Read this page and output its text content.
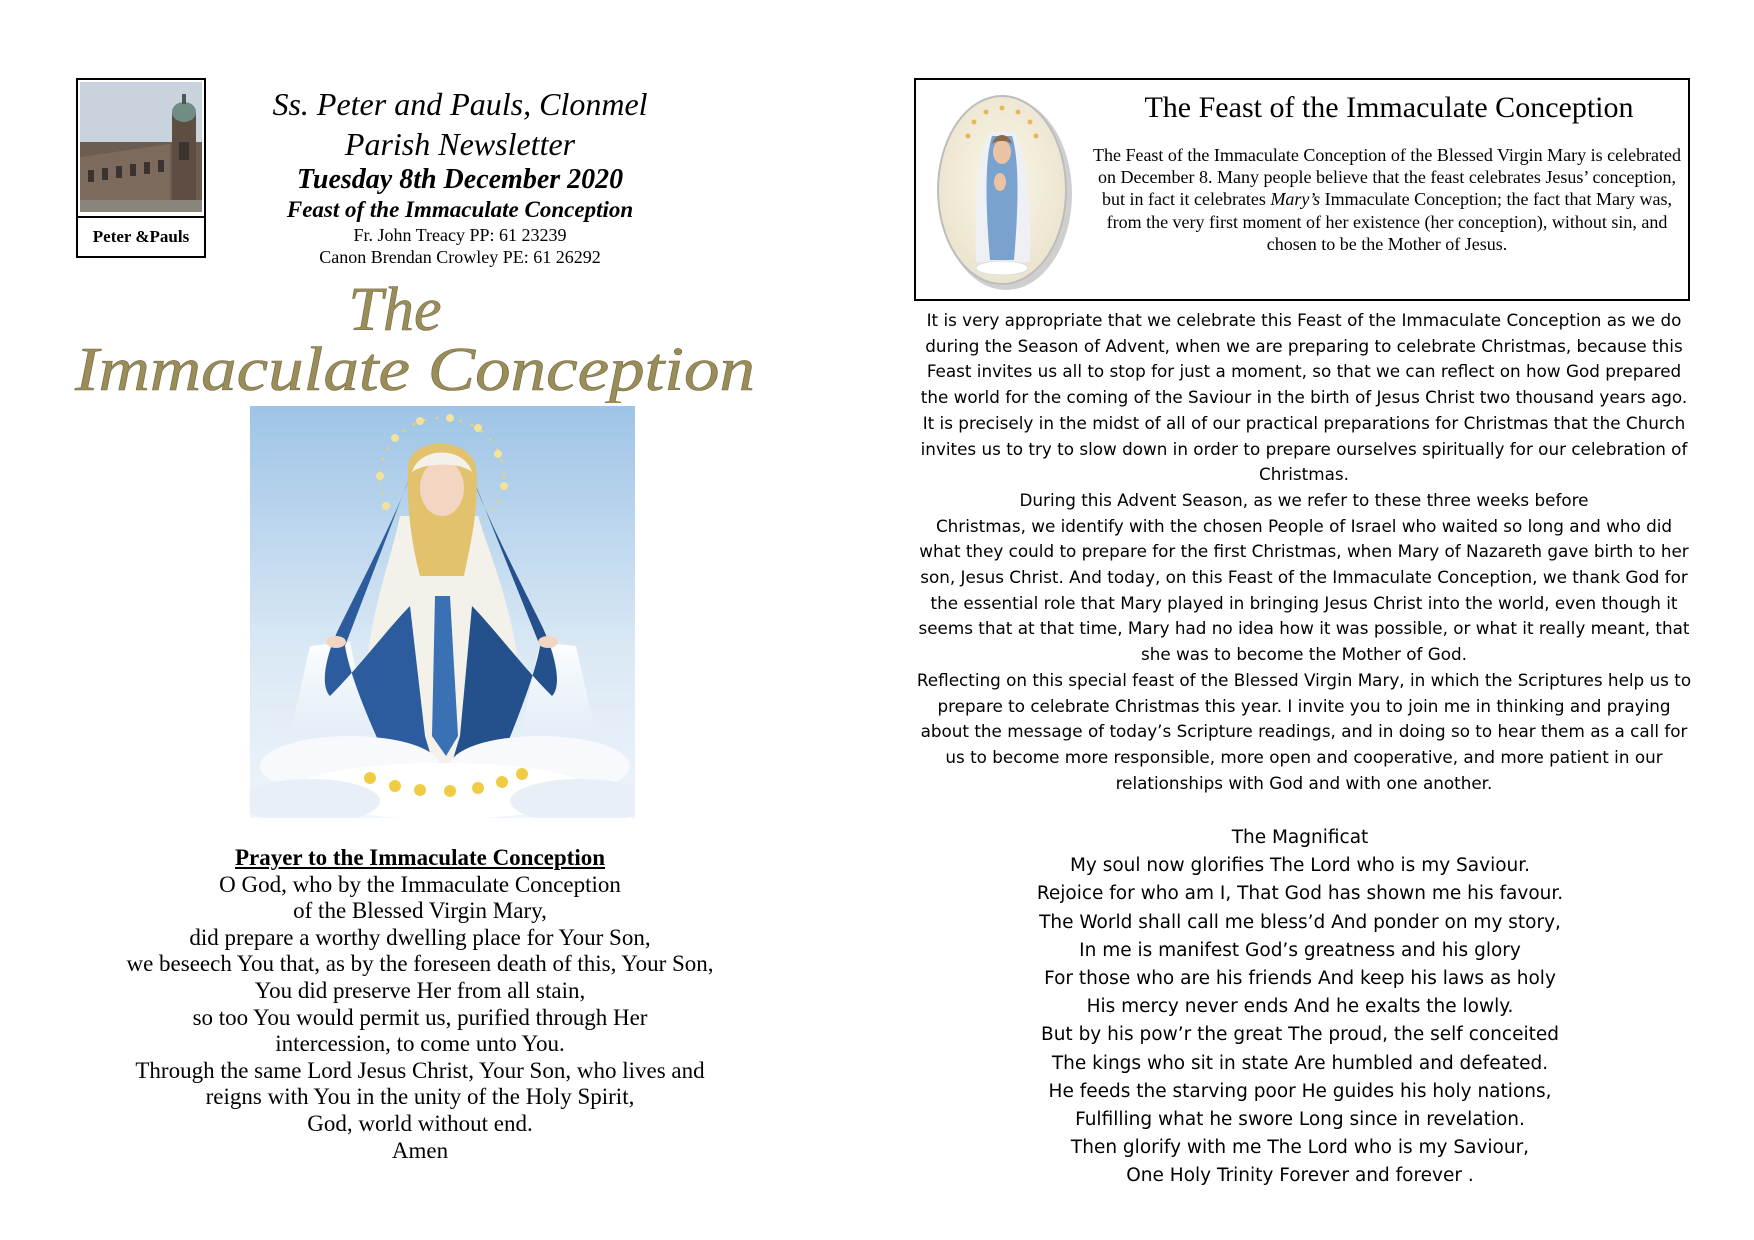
Peter &Pauls
Ss. Peter and Pauls, Clonmel
Parish Newsletter
Tuesday 8th December 2020
Feast of the Immaculate Conception
Fr. John Treacy PP: 61 23239
Canon Brendan Crowley PE: 61 26292
The
Immaculate Conception
Prayer to the Immaculate Conception
O God, who by the Immaculate Conception
of the Blessed Virgin Mary,
did prepare a worthy dwelling place for Your Son,
we beseech You that, as by the foreseen death of this, Your Son,
You did preserve Her from all stain,
so too You would permit us, purified through Her
intercession, to come unto You.
Through the same Lord Jesus Christ, Your Son, who lives and
reigns with You in the unity of the Holy Spirit,
God, world without end.
Amen
The Feast of the Immaculate Conception
The Feast of the Immaculate Conception of the Blessed Virgin Mary is celebrated on December 8. Many people believe that the feast celebrates Jesus’ conception, but in fact it celebrates Mary’s Immaculate Conception; the fact that Mary was, from the very first moment of her existence (her conception), without sin, and chosen to be the Mother of Jesus.

It is very appropriate that we celebrate this Feast of the Immaculate Conception as we do during the Season of Advent, when we are preparing to celebrate Christmas, because this Feast invites us all to stop for just a moment, so that we can reflect on how God prepared the world for the coming of the Saviour in the birth of Jesus Christ two thousand years ago. It is precisely in the midst of all of our practical preparations for Christmas that the Church invites us to try to slow down in order to prepare ourselves spiritually for our celebration of Christmas.

During this Advent Season, as we refer to these three weeks before

Christmas, we identify with the chosen People of Israel who waited so long and who did what they could to prepare for the first Christmas, when Mary of Nazareth gave birth to her son, Jesus Christ. And today, on this Feast of the Immaculate Conception, we thank God for the essential role that Mary played in bringing Jesus Christ into the world, even though it seems that at that time, Mary had no idea how it was possible, or what it really meant, that she was to become the Mother of God.

Reflecting on this special feast of the Blessed Virgin Mary, in which the Scriptures help us to prepare to celebrate Christmas this year. I invite you to join me in thinking and praying about the message of today’s Scripture readings, and in doing so to hear them as a call for us to become more responsible, more open and cooperative, and more patient in our relationships with God and with one another.

The Magnificat
My soul now glorifies The Lord who is my Saviour.
Rejoice for who am I, That God has shown me his favour.
The World shall call me bless’d And ponder on my story,
In me is manifest God’s greatness and his glory
For those who are his friends And keep his laws as holy
His mercy never ends And he exalts the lowly.
But by his pow’r the great The proud, the self conceited
The kings who sit in state Are humbled and defeated.
He feeds the starving poor He guides his holy nations,
Fulfilling what he swore Long since in revelation.
Then glorify with me The Lord who is my Saviour,
One Holy Trinity Forever and forever .
